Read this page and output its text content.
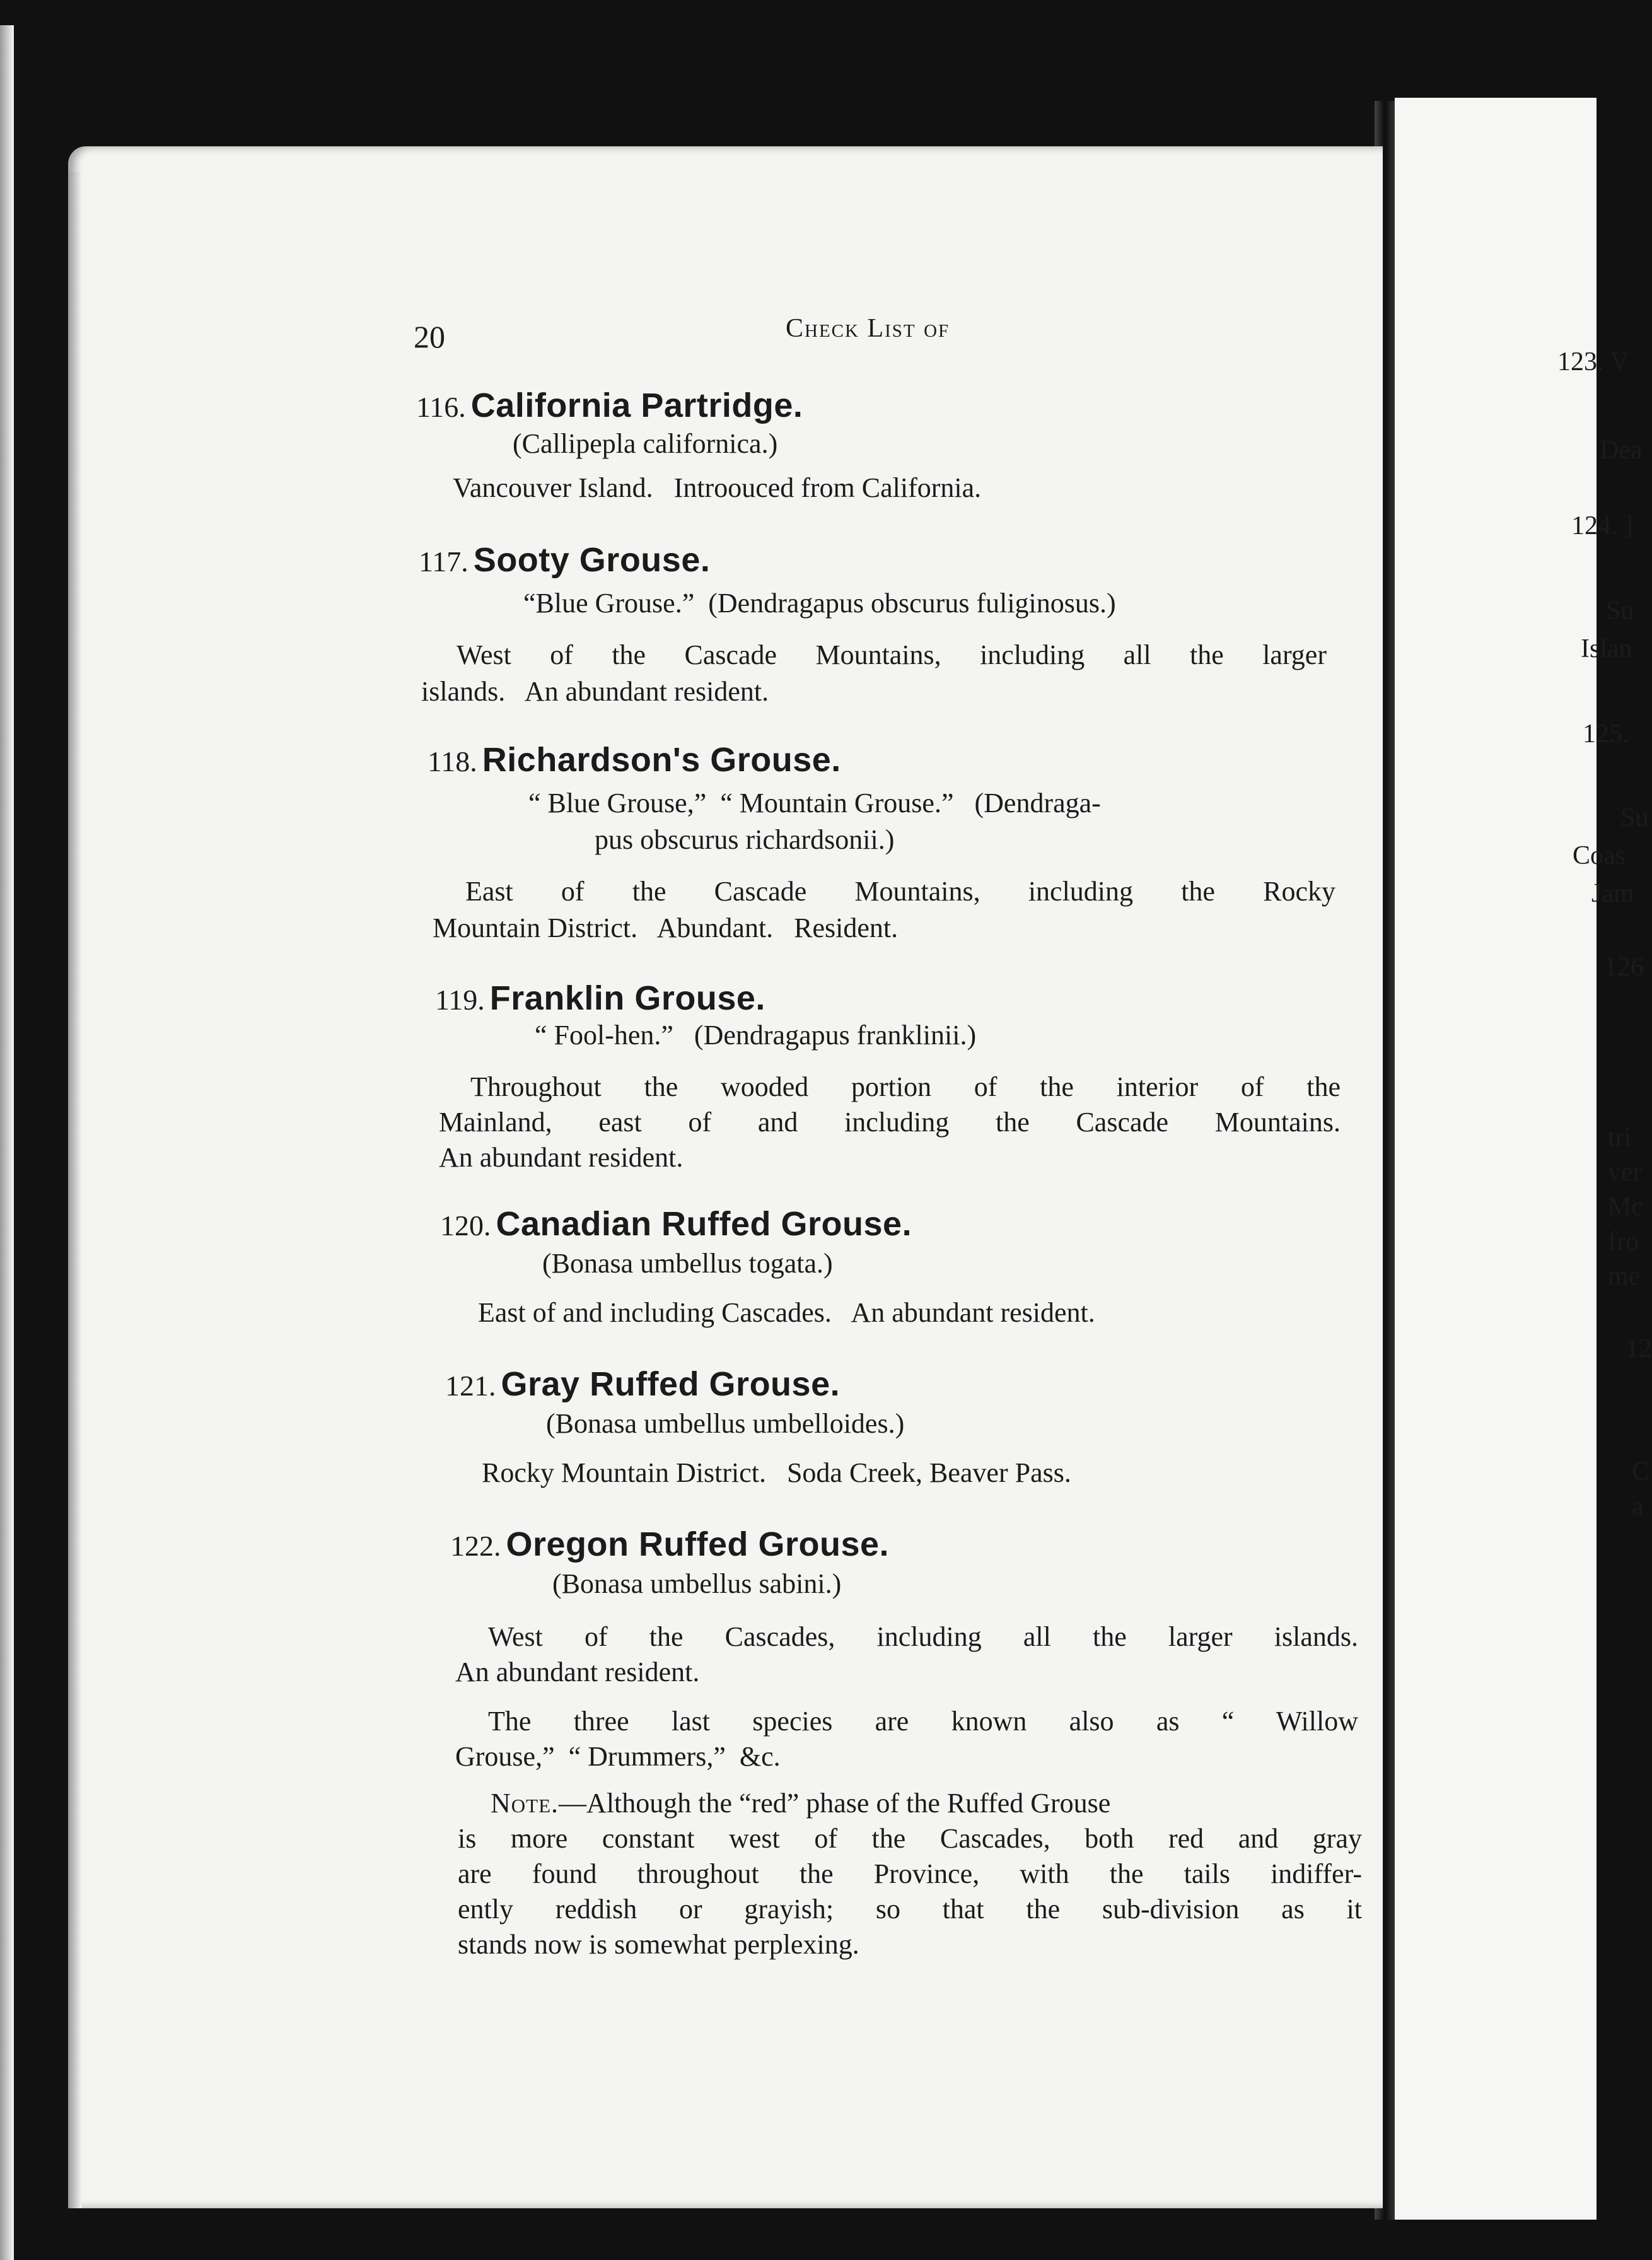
123. V
Dea
124. ]
Su
Islan
125.
Su
Coas
Jam
126
tri
ver
Mc
fro
me
12
C
a
20	Check List of
116. California Partridge.
(Callipepla californica.)
Vancouver Island.   Introouced from California.
117. Sooty Grouse.
“Blue Grouse.”  (Dendragapus obscurus fuliginosus.)
West of the Cascade Mountains, including all the larger
islands.   An abundant resident.
118. Richardson's Grouse.
“ Blue Grouse,”  “ Mountain Grouse.”   (Dendraga-
pus obscurus richardsonii.)
East of the Cascade Mountains, including the Rocky
Mountain District.   Abundant.   Resident.
119. Franklin Grouse.
“ Fool-hen.”   (Dendragapus franklinii.)
Throughout the wooded portion of the interior of the
Mainland, east of and including the Cascade Mountains.
An abundant resident.
120. Canadian Ruffed Grouse.
(Bonasa umbellus togata.)
East of and including Cascades.   An abundant resident.
121. Gray Ruffed Grouse.
(Bonasa umbellus umbelloides.)
Rocky Mountain District.   Soda Creek, Beaver Pass.
122. Oregon Ruffed Grouse.
(Bonasa umbellus sabini.)
West of the Cascades, including all the larger islands.
An abundant resident.
The three last species are known also as “ Willow
Grouse,”  “ Drummers,”  &c.
Note.—Although the “red” phase of the Ruffed Grouse
is more constant west of the Cascades, both red and gray
are found throughout the Province, with the tails indiffer-
ently reddish or grayish; so that the sub-division as it
stands now is somewhat perplexing.
